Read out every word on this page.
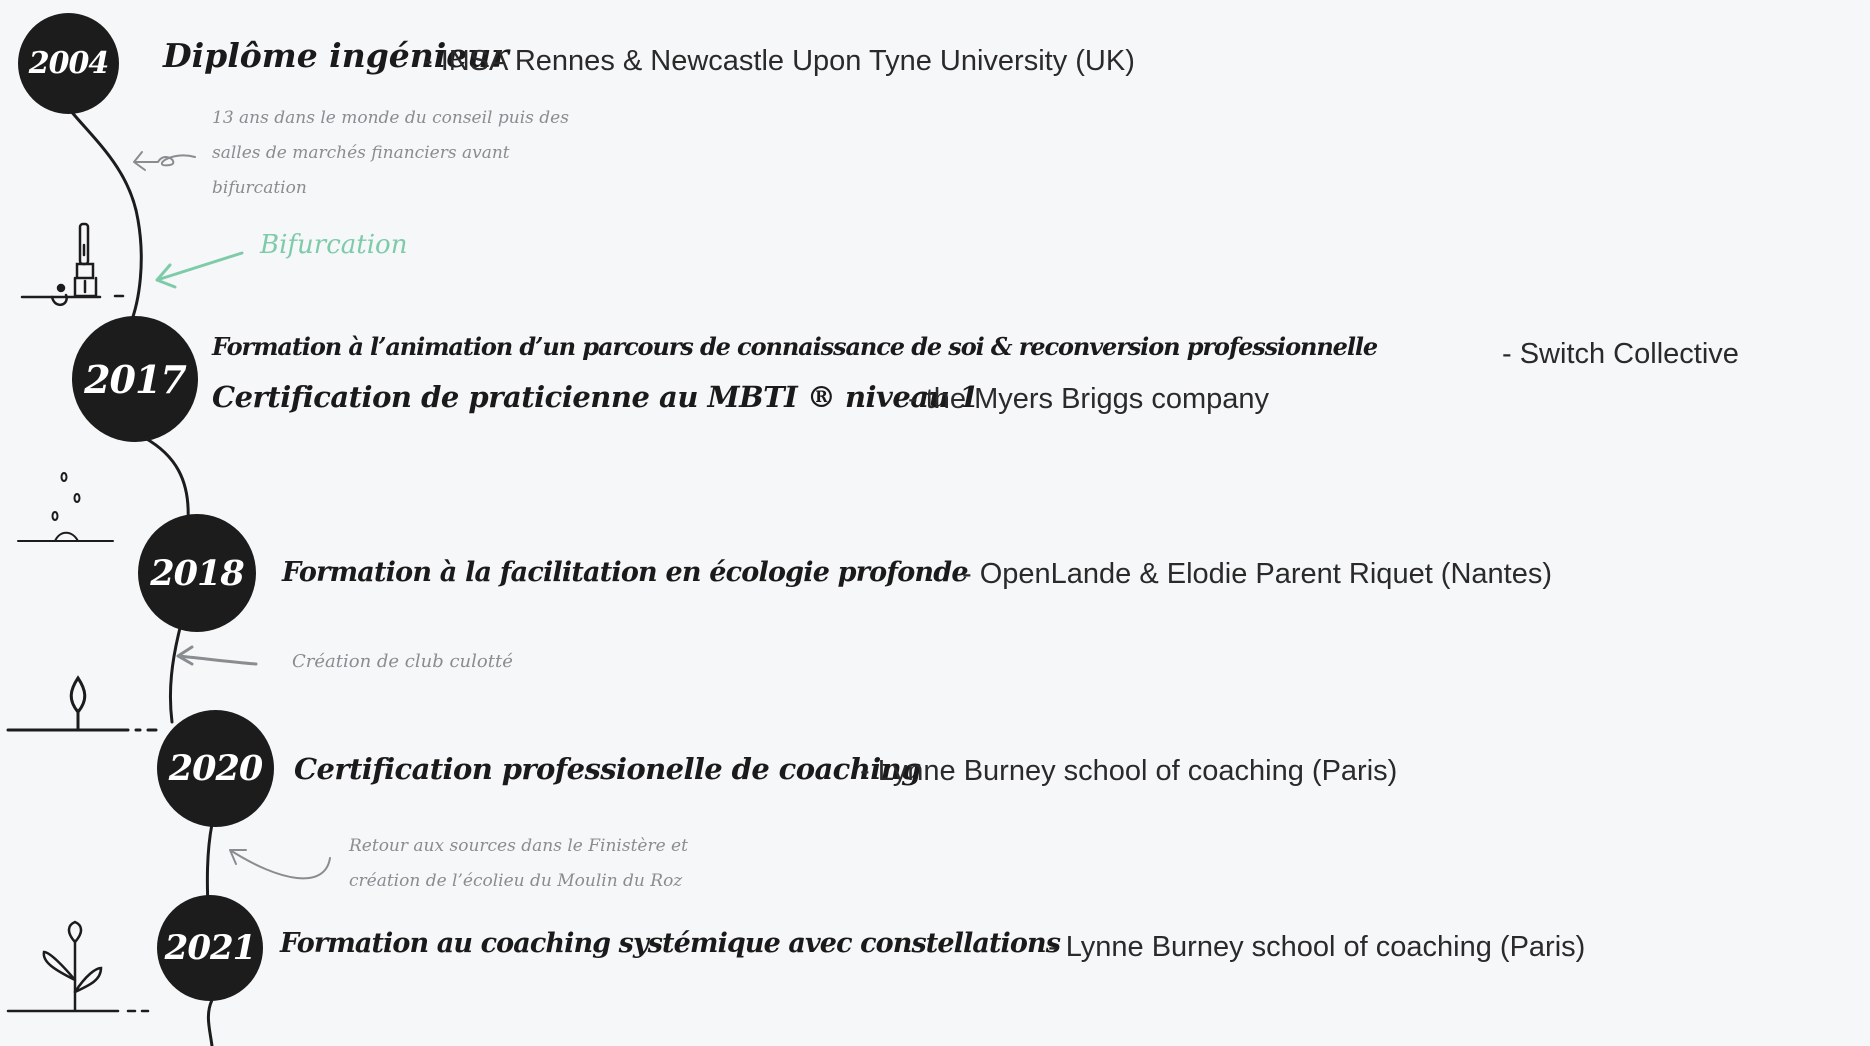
2004	Diplôme ingénieur
- INSA Rennes & Newcastle Upon Tyne University (UK)
13 ans dans le monde du conseil puis des salles de marchés financiers avant bifurcation
Bifurcation
2017
Formation à l’animation d’un parcours de connaissance de soi & reconversion professionnelle	- Switch Collective
Certification de praticienne au MBTI ® niveau 1
- the Myers Briggs company
2018	Formation à la facilitation en écologie profonde
- OpenLande & Elodie Parent Riquet (Nantes)
Création de club culotté
2020	Certification professionelle de coaching
- Lynne Burney school of coaching (Paris)
Retour aux sources dans le Finistère et création de l’écolieu du Moulin du Roz
2021 Formation au coaching systémique avec constellations
- Lynne Burney school of coaching (Paris)
